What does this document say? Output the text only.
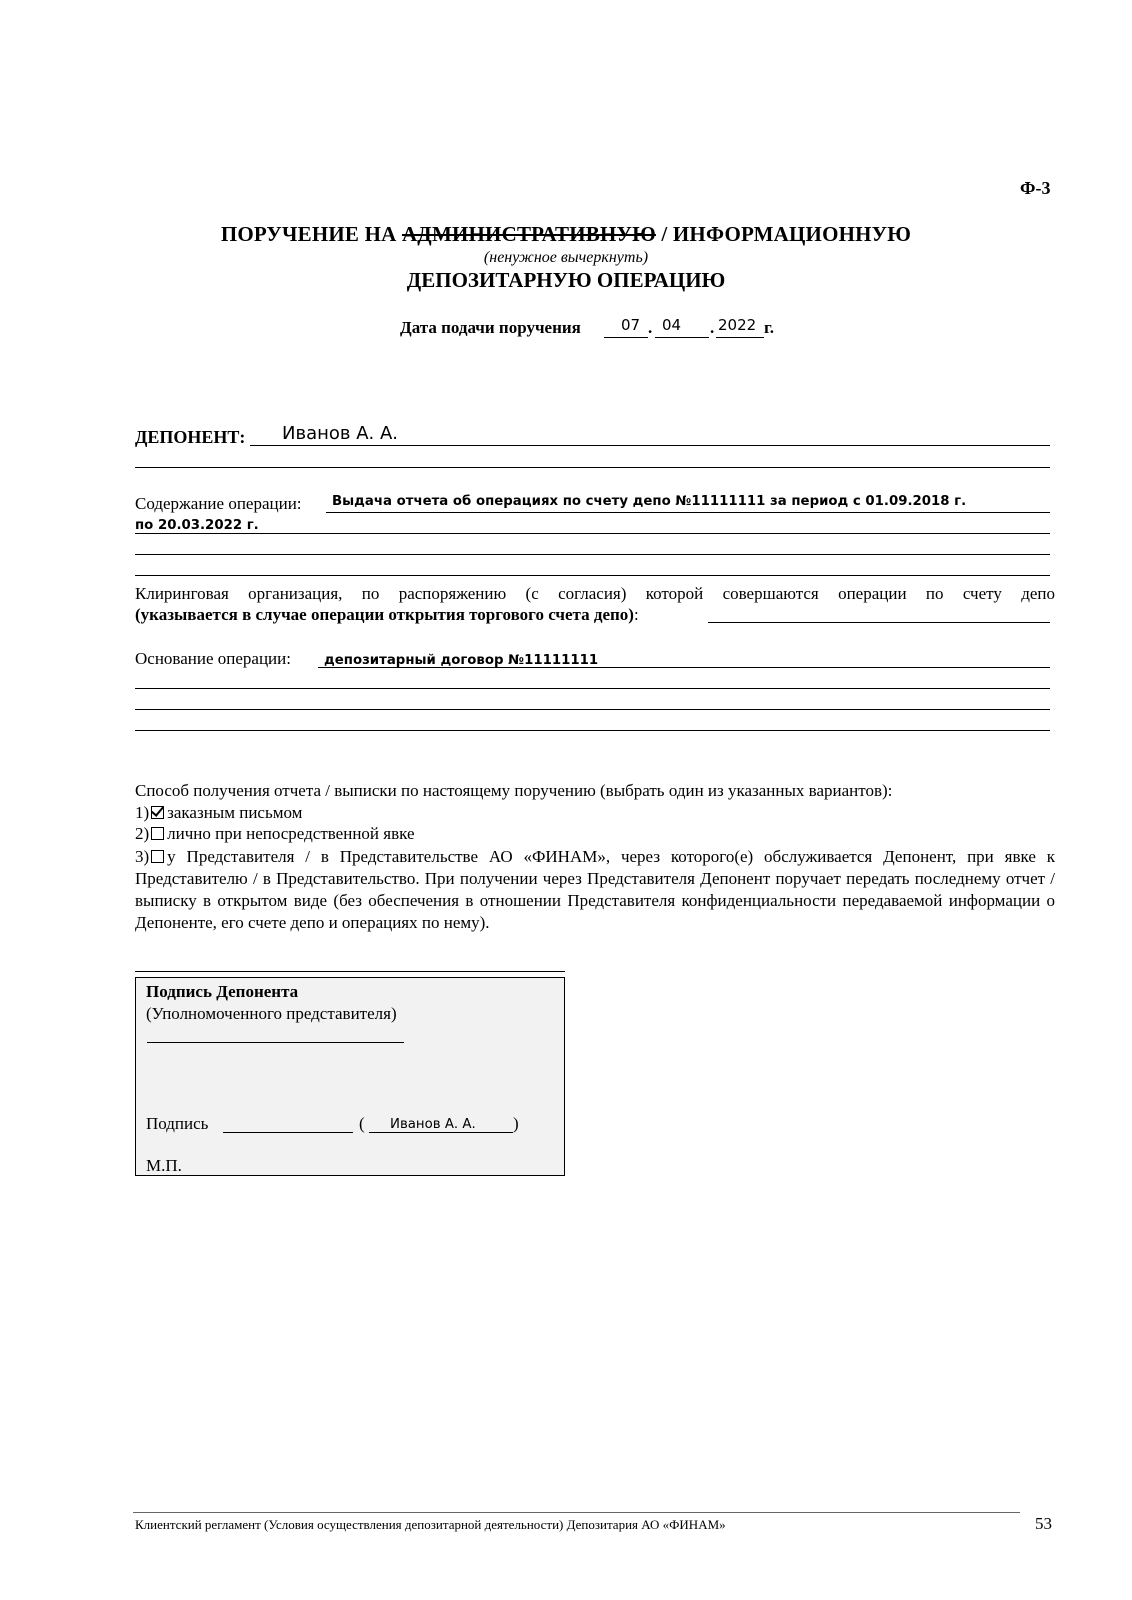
Ф-3
ПОРУЧЕНИЕ НА АДМИНИСТРАТИВНУЮ / ИНФОРМАЦИОННУЮ
(ненужное вычеркнуть)
ДЕПОЗИТАРНУЮ ОПЕРАЦИЮ
Дата подачи поручения	07 . 04 . 2022 г.
ДЕПОНЕНТ: Иванов А. А.
Содержание операции: Выдача отчета об операциях по счету депо №11111111 за период с 01.09.2018 г.
по 20.03.2022 г.
Клиринговая организация, по распоряжению (с согласия) которой совершаются операции по счету депо
(указывается в случае операции открытия торгового счета депо):
Основание операции: депозитарный договор №11111111
Способ получения отчета / выписки по настоящему поручению (выбрать один из указанных вариантов):
1) заказным письмом
2) лично при непосредственной явке
3) у Представителя / в Представительстве АО «ФИНАМ», через которого(е) обслуживается Депонент, при явке к Представителю / в Представительство. При получении через Представителя Депонент поручает передать последнему отчет / выписку в открытом виде (без обеспечения в отношении Представителя конфиденциальности передаваемой информации о Депоненте, его счете депо и операциях по нему).
Подпись Депонента
(Уполномоченного представителя)
Подпись	( Иванов А. А. )
М.П.
Клиентский регламент (Условия осуществления депозитарной деятельности) Депозитария АО «ФИНАМ»	53
